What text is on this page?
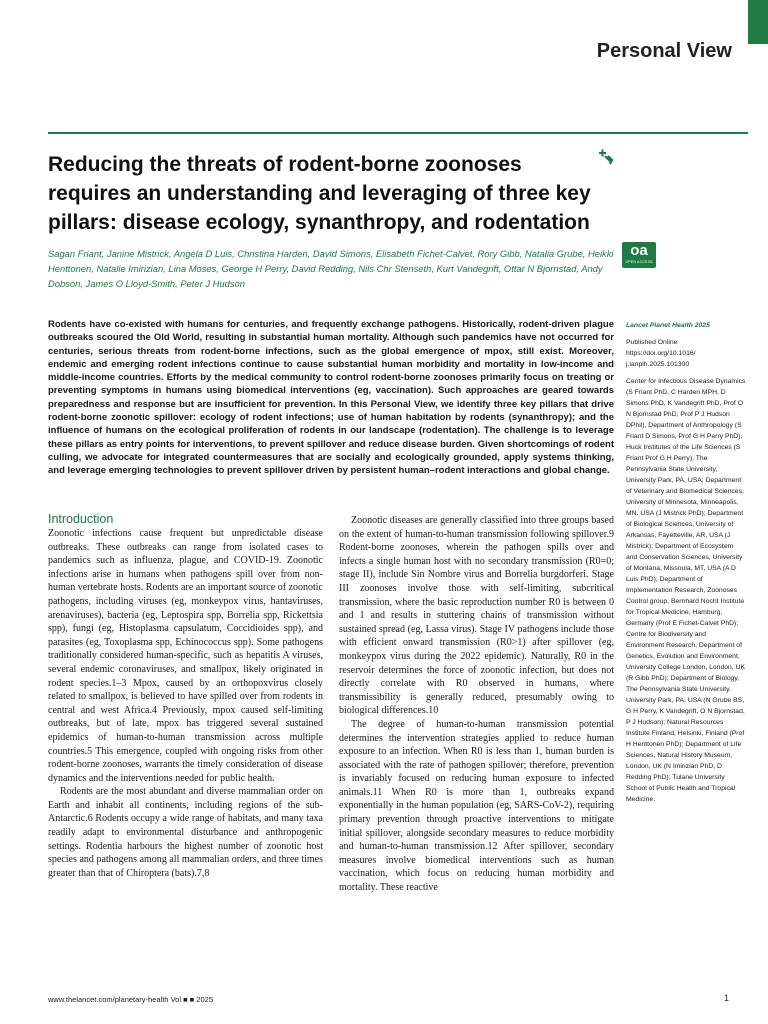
Personal View
Reducing the threats of rodent-borne zoonoses requires an understanding and leveraging of three key pillars: disease ecology, synanthropy, and rodentation
Sagan Friant, Janine Mistrick, Angela D Luis, Christina Harden, David Simons, Elisabeth Fichet-Calvet, Rory Gibb, Natalia Grube, Heikki Henttonen, Natalie Imirizian, Lina Moses, George H Perry, David Redding, Nils Chr Stenseth, Kurt Vandegrift, Ottar N Bjornstad, Andy Dobson, James O Lloyd-Smith, Peter J Hudson
oa
OPEN ACCESS
Rodents have co-existed with humans for centuries, and frequently exchange pathogens. Historically, rodent-driven plague outbreaks scoured the Old World, resulting in substantial human mortality. Although such pandemics have not occurred for centuries, serious threats from rodent-borne infections, such as the global emergence of mpox, still exist. Moreover, endemic and emerging rodent infections continue to cause substantial human morbidity and mortality in low-income and middle-income countries. Efforts by the medical community to control rodent-borne zoonoses primarily focus on treating or preventing symptoms in humans using biomedical interventions (eg, vaccination). Such approaches are geared towards preparedness and response but are insufficient for prevention. In this Personal View, we identify three key pillars that drive rodent-borne zoonotic spillover: ecology of rodent infections; use of human habitation by rodents (synanthropy); and the influence of humans on the ecological proliferation of rodents in our landscape (rodentation). The challenge is to leverage these pillars as entry points for interventions, to prevent spillover and reduce disease burden. Given shortcomings of rodent culling, we advocate for integrated countermeasures that are socially and ecologically grounded, apply systems thinking, and leverage emerging technologies to prevent spillover driven by persistent human–rodent interactions and global change.
Introduction

Zoonotic infections cause frequent but unpredictable disease outbreaks. These outbreaks can range from isolated cases to pandemics such as influenza, plague, and COVID-19. Zoonotic infections arise in humans when pathogens spill over from non-human vertebrate hosts. Rodents are an important source of zoonotic pathogens, including viruses (eg, monkeypox virus, hantaviruses, arenaviruses), bacteria (eg, Leptospira spp, Borrelia spp, Rickettsia spp), fungi (eg, Histoplasma capsulatum, Coccidioides spp), and parasites (eg, Toxoplasma spp, Echinococcus spp). Some pathogens traditionally considered human-specific, such as hepatitis A viruses, several endemic coronaviruses, and smallpox, likely originated in rodent species.1–3 Mpox, caused by an orthopoxvirus closely related to smallpox, is believed to have spilled over from rodents in central and west Africa.4 Previously, mpox caused self-limiting outbreaks, but of late, mpox has triggered several sustained epidemics of human-to-human transmission across multiple countries.5 This emergence, coupled with ongoing risks from other rodent-borne zoonoses, warrants the timely consideration of disease dynamics and the interventions needed for public health.

Rodents are the most abundant and diverse mammalian order on Earth and inhabit all continents, including regions of the sub-Antarctic.6 Rodents occupy a wide range of habitats, and many taxa readily adapt to environmental disturbance and anthropogenic settings. Rodentia harbours the highest number of zoonotic host species and pathogens among all mammalian orders, and three times greater than that of Chiroptera (bats).7,8

Zoonotic diseases are generally classified into three groups based on the extent of human-to-human transmission following spillover.9 Rodent-borne zoonoses, wherein the pathogen spills over and infects a single human host with no secondary transmission (R0=0; stage II), include Sin Nombre virus and Borrelia burgdorferi. Stage III zoonoses involve those with self-limiting, subcritical transmission, where the basic reproduction number R0 is between 0 and 1 and results in stuttering chains of transmission without sustained spread (eg, Lassa virus). Stage IV pathogens include those with efficient onward transmission (R0>1) after spillover (eg, monkeypox virus during the 2022 epidemic). Naturally, R0 in the reservoir determines the force of zoonotic infection, but does not directly correlate with R0 observed in humans, where transmissibility is generally reduced, presumably owing to biological differences.10

The degree of human-to-human transmission potential determines the intervention strategies applied to reduce human exposure to an infection. When R0 is less than 1, human burden is associated with the rate of pathogen spillover; therefore, prevention is invariably focused on reducing human exposure to infected animals.11 When R0 is more than 1, outbreaks expand exponentially in the human population (eg, SARS-CoV-2), requiring primary prevention through proactive interventions to mitigate initial spillover, alongside secondary measures to reduce morbidity and human-to-human transmission.12 After spillover, secondary measures involve biomedical interventions such as human vaccination, which focus on reducing human morbidity and mortality. These reactive

Lancet Planet Health 2025
Published Online
https://doi.org/10.1016/ j.lanplh.2025.101300
Center for Infectious Disease Dynamics (S Friant PhD, C Harden MPH, D Simons PhD, K Vandegrift PhD, Prof O N Bjornstad PhD, Prof P J Hudson DPhil), Department of Anthropology (S Friant D Simons, Prof G H Perry PhD), Huck Institutes of the Life Sciences (S Friant Prof G H Perry), The Pennsylvania State University, University Park, PA, USA; Department of Veterinary and Biomedical Sciences, University of Minnesota, Minneapolis, MN, USA (J Mistrick PhD); Department of Biological Sciences, University of Arkansas, Fayetteville, AR, USA (J Mistrick); Department of Ecosystem and Conservation Sciences, University of Montana, Missoula, MT, USA (A D Luis PhD); Department of Implementation Research, Zoonoses Control group, Bernhard Nocht Institute for Tropical Medicine, Hamburg, Germany (Prof E Fichet-Calvet PhD); Centre for Biodiversity and Environment Research, Department of Genetics, Evolution and Environment, University College London, London, UK (R Gibb PhD); Department of Biology, The Pennsylvania State University, University Park, PA, USA (N Grube BS, G H Perry, K Vandegrift, O N Bjornstad, P J Hudson); Natural Resources Institute Finland, Helsinki, Finland (Prof H Henttonen PhD); Department of Life Sciences, Natural History Museum, London, UK (N Imirizian PhD, D Redding PhD); Tulane University School of Public Health and Tropical Medicine,
www.thelancet.com/planetary-health Vol ■ ■ 2025	1
